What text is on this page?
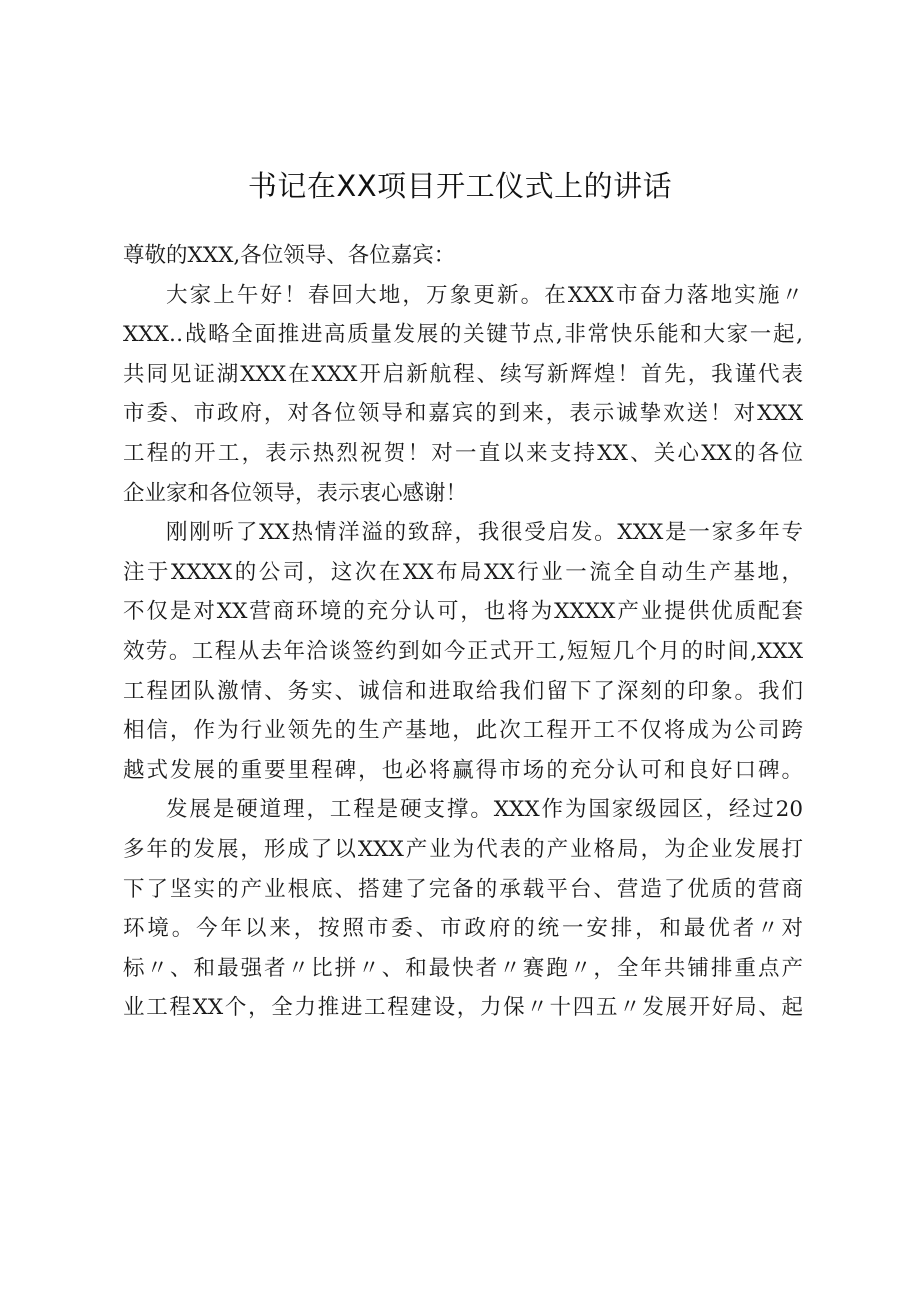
书记在XX项目开工仪式上的讲话
尊敬的XXX,各位领导、各位嘉宾：
大家上午好！春回大地，万象更新。在XXX市奋力落地实施〃
XXX‥战略全面推进高质量发展的关键节点,非常快乐能和大家一起,
共同见证湖XXX在XXX开启新航程、续写新辉煌！首先，我谨代表
市委、市政府，对各位领导和嘉宾的到来，表示诚挚欢送！对XXX
工程的开工，表示热烈祝贺！对一直以来支持XX、关心XX的各位
企业家和各位领导，表示衷心感谢！
刚刚听了XX热情洋溢的致辞，我很受启发。XXX是一家多年专
注于XXXX的公司，这次在XX布局XX行业一流全自动生产基地，
不仅是对XX营商环境的充分认可，也将为XXXX产业提供优质配套
效劳。工程从去年洽谈签约到如今正式开工,短短几个月的时间,XXX
工程团队激情、务实、诚信和进取给我们留下了深刻的印象。我们
相信，作为行业领先的生产基地，此次工程开工不仅将成为公司跨
越式发展的重要里程碑，也必将赢得市场的充分认可和良好口碑。
发展是硬道理，工程是硬支撑。XXX作为国家级园区，经过20
多年的发展，形成了以XXX产业为代表的产业格局，为企业发展打
下了坚实的产业根底、搭建了完备的承载平台、营造了优质的营商
环境。今年以来，按照市委、市政府的统一安排，和最优者〃对
标〃、和最强者〃比拼〃、和最快者〃赛跑〃，全年共铺排重点产
业工程XX个，全力推进工程建设，力保〃十四五〃发展开好局、起
